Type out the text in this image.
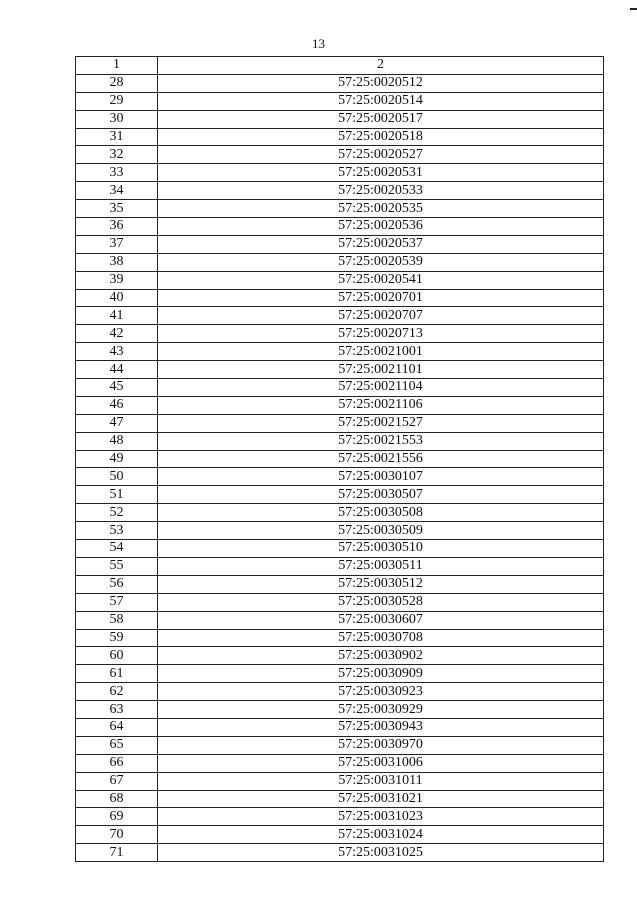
13
1	2
28	57:25:0020512
29	57:25:0020514
30	57:25:0020517
31	57:25:0020518
32	57:25:0020527
33	57:25:0020531
34	57:25:0020533
35	57:25:0020535
36	57:25:0020536
37	57:25:0020537
38	57:25:0020539
39	57:25:0020541
40	57:25:0020701
41	57:25:0020707
42	57:25:0020713
43	57:25:0021001
44	57:25:0021101
45	57:25:0021104
46	57:25:0021106
47	57:25:0021527
48	57:25:0021553
49	57:25:0021556
50	57:25:0030107
51	57:25:0030507
52	57:25:0030508
53	57:25:0030509
54	57:25:0030510
55	57:25:0030511
56	57:25:0030512
57	57:25:0030528
58	57:25:0030607
59	57:25:0030708
60	57:25:0030902
61	57:25:0030909
62	57:25:0030923
63	57:25:0030929
64	57:25:0030943
65	57:25:0030970
66	57:25:0031006
67	57:25:0031011
68	57:25:0031021
69	57:25:0031023
70	57:25:0031024
71	57:25:0031025
